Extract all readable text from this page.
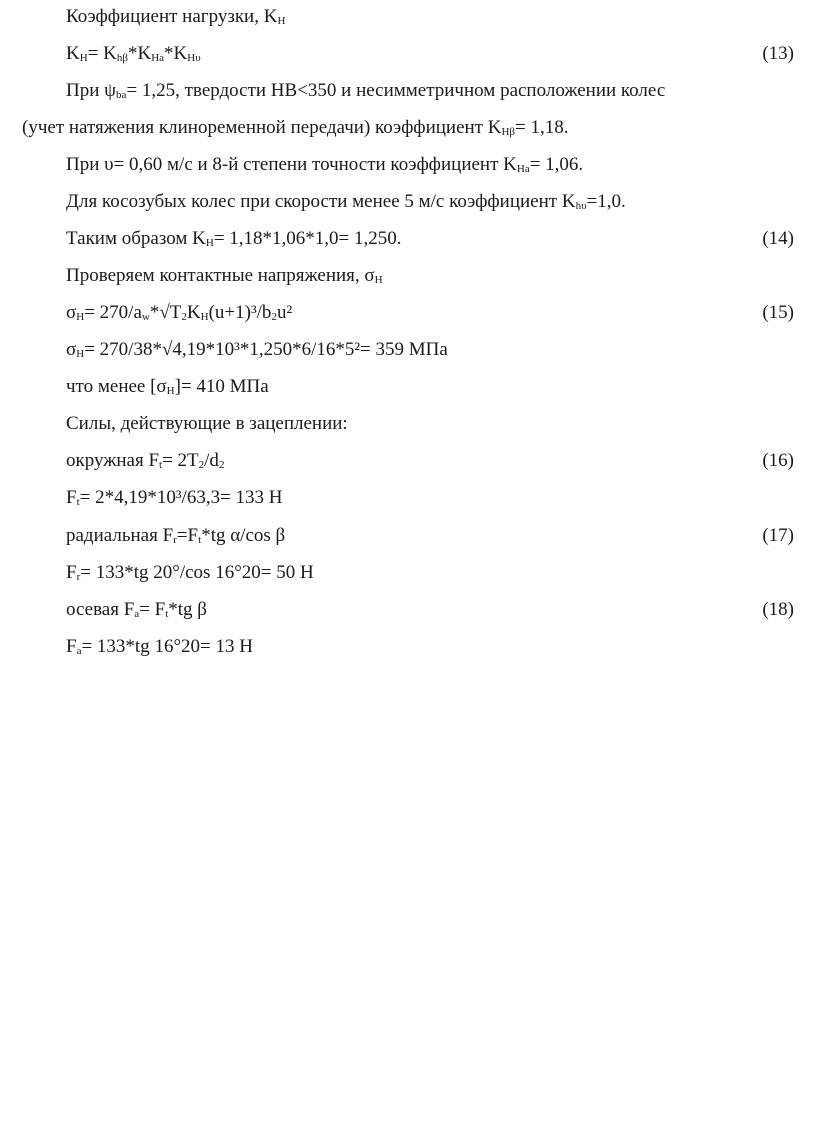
Коэффициент нагрузки, KH
KH= Khβ*KHa*KHυ	(13)
При ψba= 1,25, твердости НВ<350 и несимметричном расположении колес
(учет натяжения клиноременной передачи) коэффициент KHβ= 1,18.
При υ= 0,60 м/с и 8-й степени точности коэффициент KHa= 1,06.
Для косозубых колес при скорости менее 5 м/с коэффициент Khυ=1,0.
Таким образом KH= 1,18*1,06*1,0= 1,250.	(14)
Проверяем контактные напряжения, σH
σH= 270/aw*√T2KH(u+1)³/b2u²	(15)
σH= 270/38*√4,19*10³*1,250*6/16*5²= 359 МПа
что менее [σH]= 410 МПа
Силы, действующие в зацеплении:
окружная Ft= 2T2/d2	(16)
Ft= 2*4,19*10³/63,3= 133 Н
радиальная Fr=Ft*tg α/cos β	(17)
Fr= 133*tg 20°/cos 16°20= 50 Н
осевая Fa= Ft*tg β	(18)
Fa= 133*tg 16°20= 13 Н
